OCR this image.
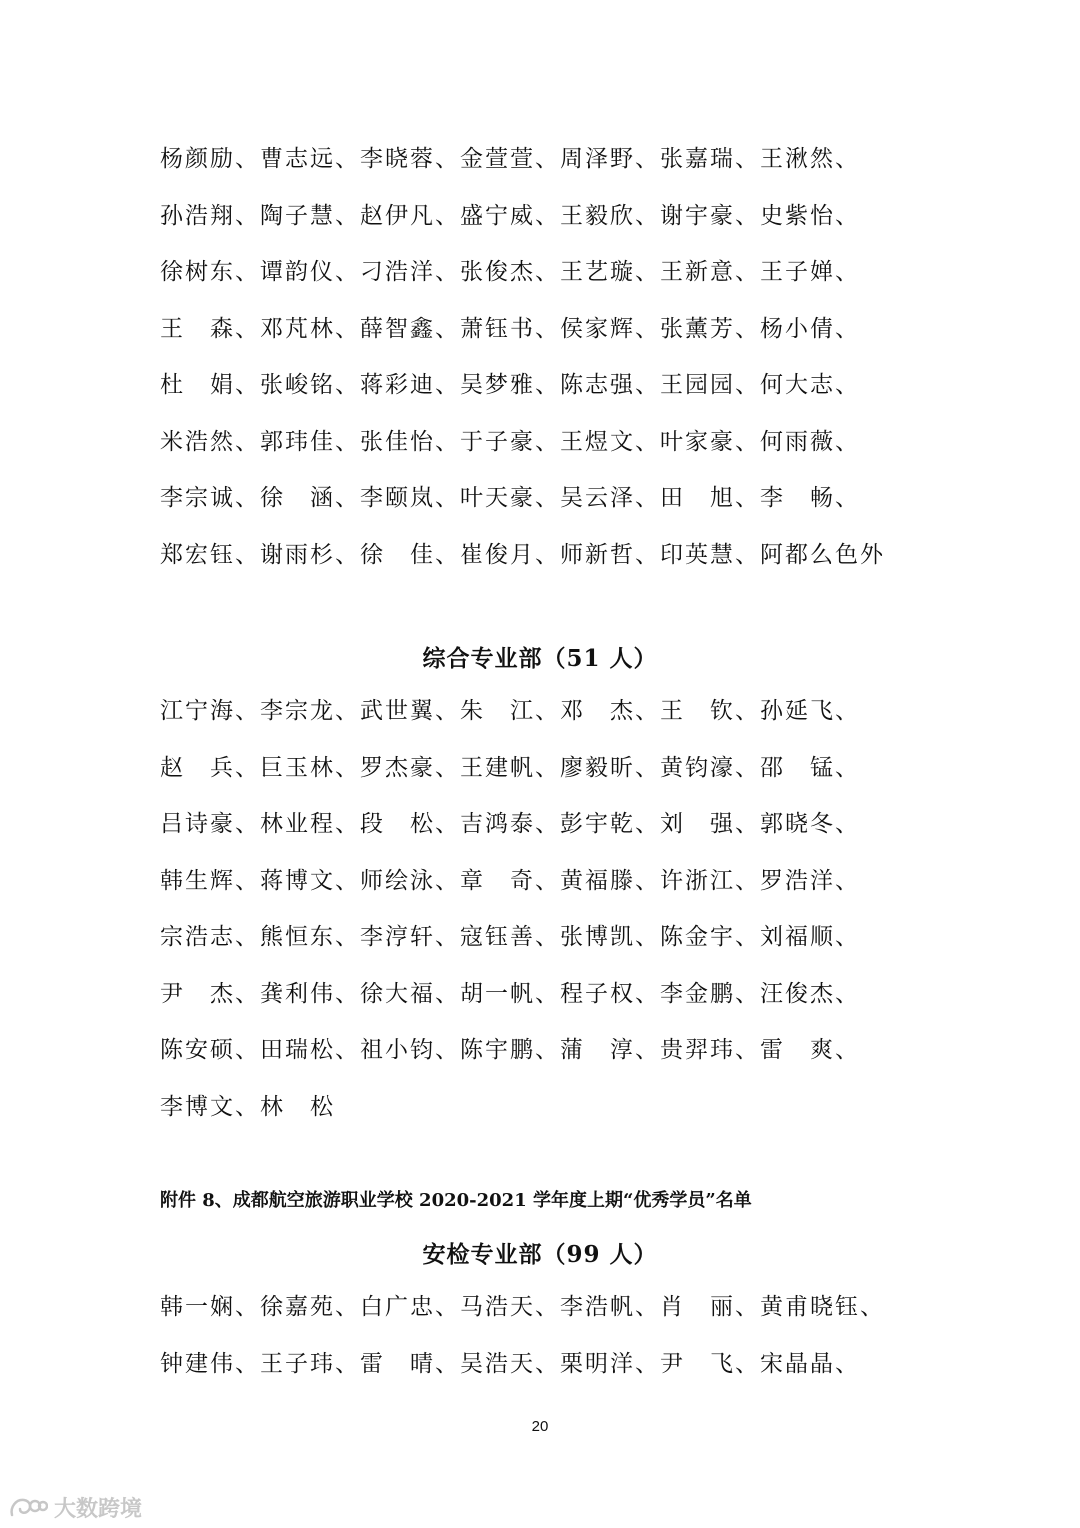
杨颜励、曹志远、李晓蓉、金萱萱、周泽野、张嘉瑞、王湫然、
孙浩翔、陶子慧、赵伊凡、盛宁威、王毅欣、谢宇豪、史紫怡、
徐树东、谭韵仪、刁浩洋、张俊杰、王艺璇、王新意、王子婵、
王　森、邓芃林、薛智鑫、萧钰书、侯家辉、张薰芳、杨小倩、
杜　娟、张峻铭、蒋彩迪、吴梦雅、陈志强、王园园、何大志、
米浩然、郭玮佳、张佳怡、于子豪、王煜文、叶家豪、何雨薇、
李宗诚、徐　涵、李颐岚、叶天豪、吴云泽、田　旭、李　畅、
郑宏钰、谢雨杉、徐　佳、崔俊月、师新哲、印英慧、阿都么色外
综合专业部（51 人）
江宁海、李宗龙、武世翼、朱　江、邓　杰、王　钦、孙延飞、
赵　兵、巨玉林、罗杰豪、王建帆、廖毅昕、黄钧濠、邵　锰、
吕诗豪、林业程、段　松、吉鸿泰、彭宇乾、刘　强、郭晓冬、
韩生辉、蒋博文、师绘泳、章　奇、黄福滕、许浙江、罗浩洋、
宗浩志、熊恒东、李涥轩、寇钰善、张博凯、陈金宇、刘福顺、
尹　杰、龚利伟、徐大福、胡一帆、程子权、李金鹏、汪俊杰、
陈安硕、田瑞松、祖小钧、陈宇鹏、蒲　淳、贵羿玮、雷　爽、
李博文、林　松
附件 8、成都航空旅游职业学校 2020-2021 学年度上期“优秀学员”名单
安检专业部（99 人）
韩一娴、徐嘉苑、白广忠、马浩天、李浩帆、肖　丽、黄甫晓钰、
钟建伟、王子玮、雷　晴、吴浩天、栗明洋、尹　飞、宋晶晶、
20
大数跨境
